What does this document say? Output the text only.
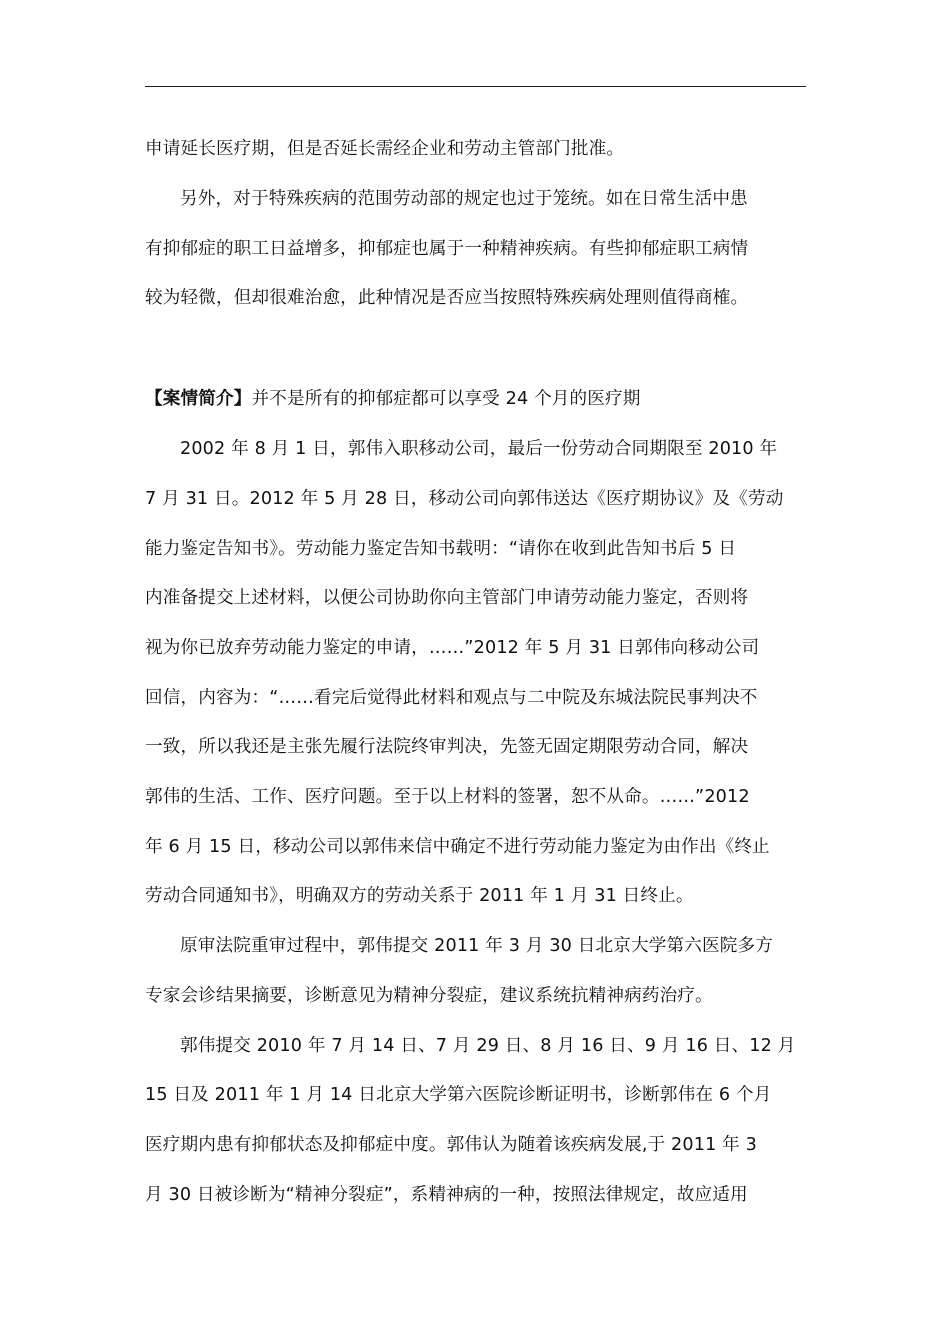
申请延长医疗期，但是否延长需经企业和劳动主管部门批准。
另外，对于特殊疾病的范围劳动部的规定也过于笼统。如在日常生活中患
有抑郁症的职工日益增多，抑郁症也属于一种精神疾病。有些抑郁症职工病情
较为轻微，但却很难治愈，此种情况是否应当按照特殊疾病处理则值得商榷。
【案情简介】并不是所有的抑郁症都可以享受 24 个月的医疗期
2002 年 8 月 1 日，郭伟入职移动公司，最后一份劳动合同期限至 2010 年
7 月 31 日。2012 年 5 月 28 日，移动公司向郭伟送达《医疗期协议》及《劳动
能力鉴定告知书》。劳动能力鉴定告知书载明：“请你在收到此告知书后 5 日
内准备提交上述材料，以便公司协助你向主管部门申请劳动能力鉴定，否则将
视为你已放弃劳动能力鉴定的申请，……”2012 年 5 月 31 日郭伟向移动公司
回信，内容为：“……看完后觉得此材料和观点与二中院及东城法院民事判决不
一致，所以我还是主张先履行法院终审判决，先签无固定期限劳动合同，解决
郭伟的生活、工作、医疗问题。至于以上材料的签署，恕不从命。……”2012
年 6 月 15 日，移动公司以郭伟来信中确定不进行劳动能力鉴定为由作出《终止
劳动合同通知书》，明确双方的劳动关系于 2011 年 1 月 31 日终止。
原审法院重审过程中，郭伟提交 2011 年 3 月 30 日北京大学第六医院多方
专家会诊结果摘要，诊断意见为精神分裂症，建议系统抗精神病药治疗。
郭伟提交 2010 年 7 月 14 日、7 月 29 日、8 月 16 日、9 月 16 日、12 月
15 日及 2011 年 1 月 14 日北京大学第六医院诊断证明书，诊断郭伟在 6 个月
医疗期内患有抑郁状态及抑郁症中度。郭伟认为随着该疾病发展,于 2011 年 3
月 30 日被诊断为“精神分裂症”，系精神病的一种，按照法律规定，故应适用
